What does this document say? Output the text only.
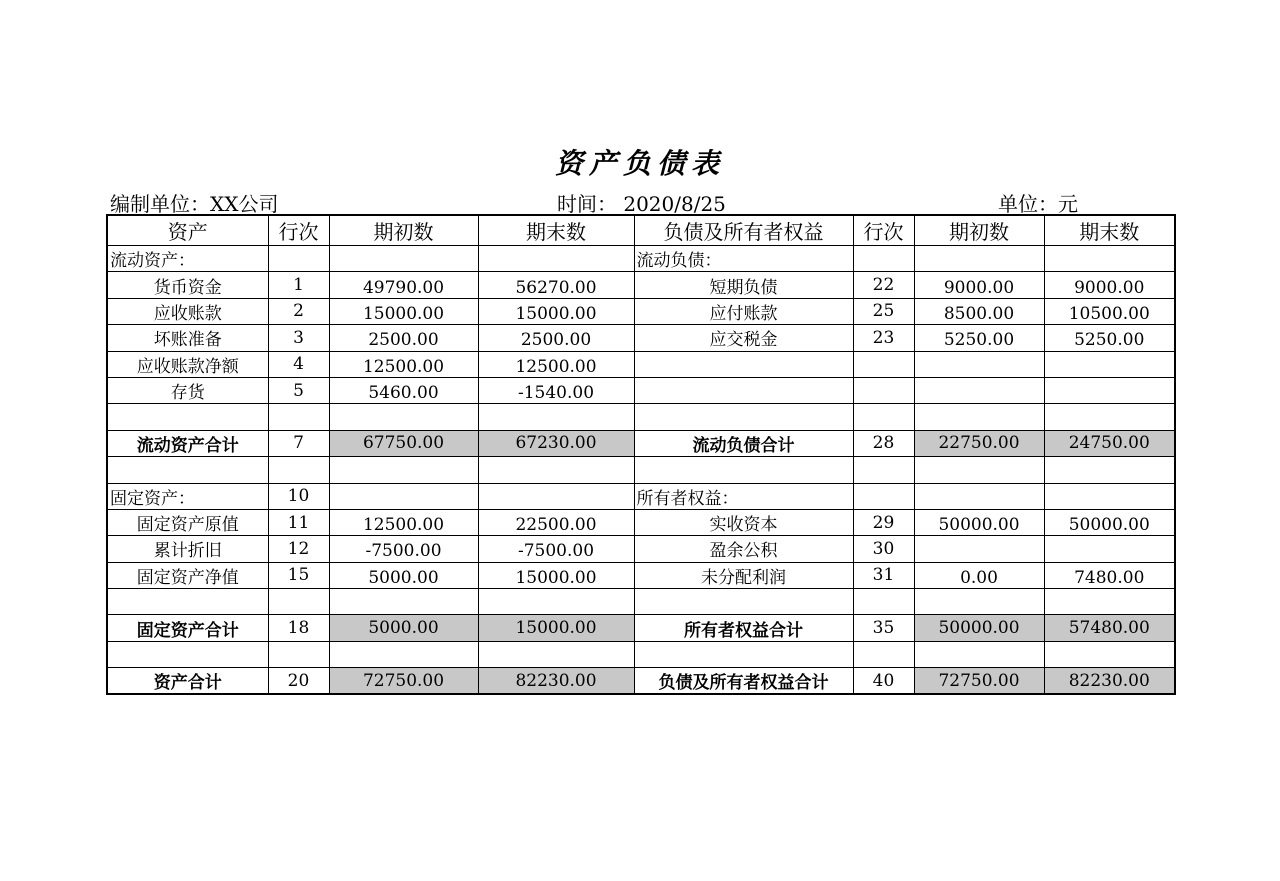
资产负债表
编制单位：XX公司	时间： 2020/8/25	单位：元
资产	行次	期初数	期末数	负债及所有者权益	行次	期初数	期末数
流动资产：				流动负债：			
货币资金	1	49790.00	56270.00	短期负债	22	9000.00	9000.00
应收账款	2	15000.00	15000.00	应付账款	25	8500.00	10500.00
坏账准备	3	2500.00	2500.00	应交税金	23	5250.00	5250.00
应收账款净额	4	12500.00	12500.00				
存货	5	5460.00	-1540.00				

流动资产合计	7	67750.00	67230.00	流动负债合计	28	22750.00	24750.00

固定资产：	10			所有者权益：			
固定资产原值	11	12500.00	22500.00	实收资本	29	50000.00	50000.00
累计折旧	12	-7500.00	-7500.00	盈余公积	30		
固定资产净值	15	5000.00	15000.00	未分配利润	31	0.00	7480.00

固定资产合计	18	5000.00	15000.00	所有者权益合计	35	50000.00	57480.00

资产合计	20	72750.00	82230.00	负债及所有者权益合计	40	72750.00	82230.00
